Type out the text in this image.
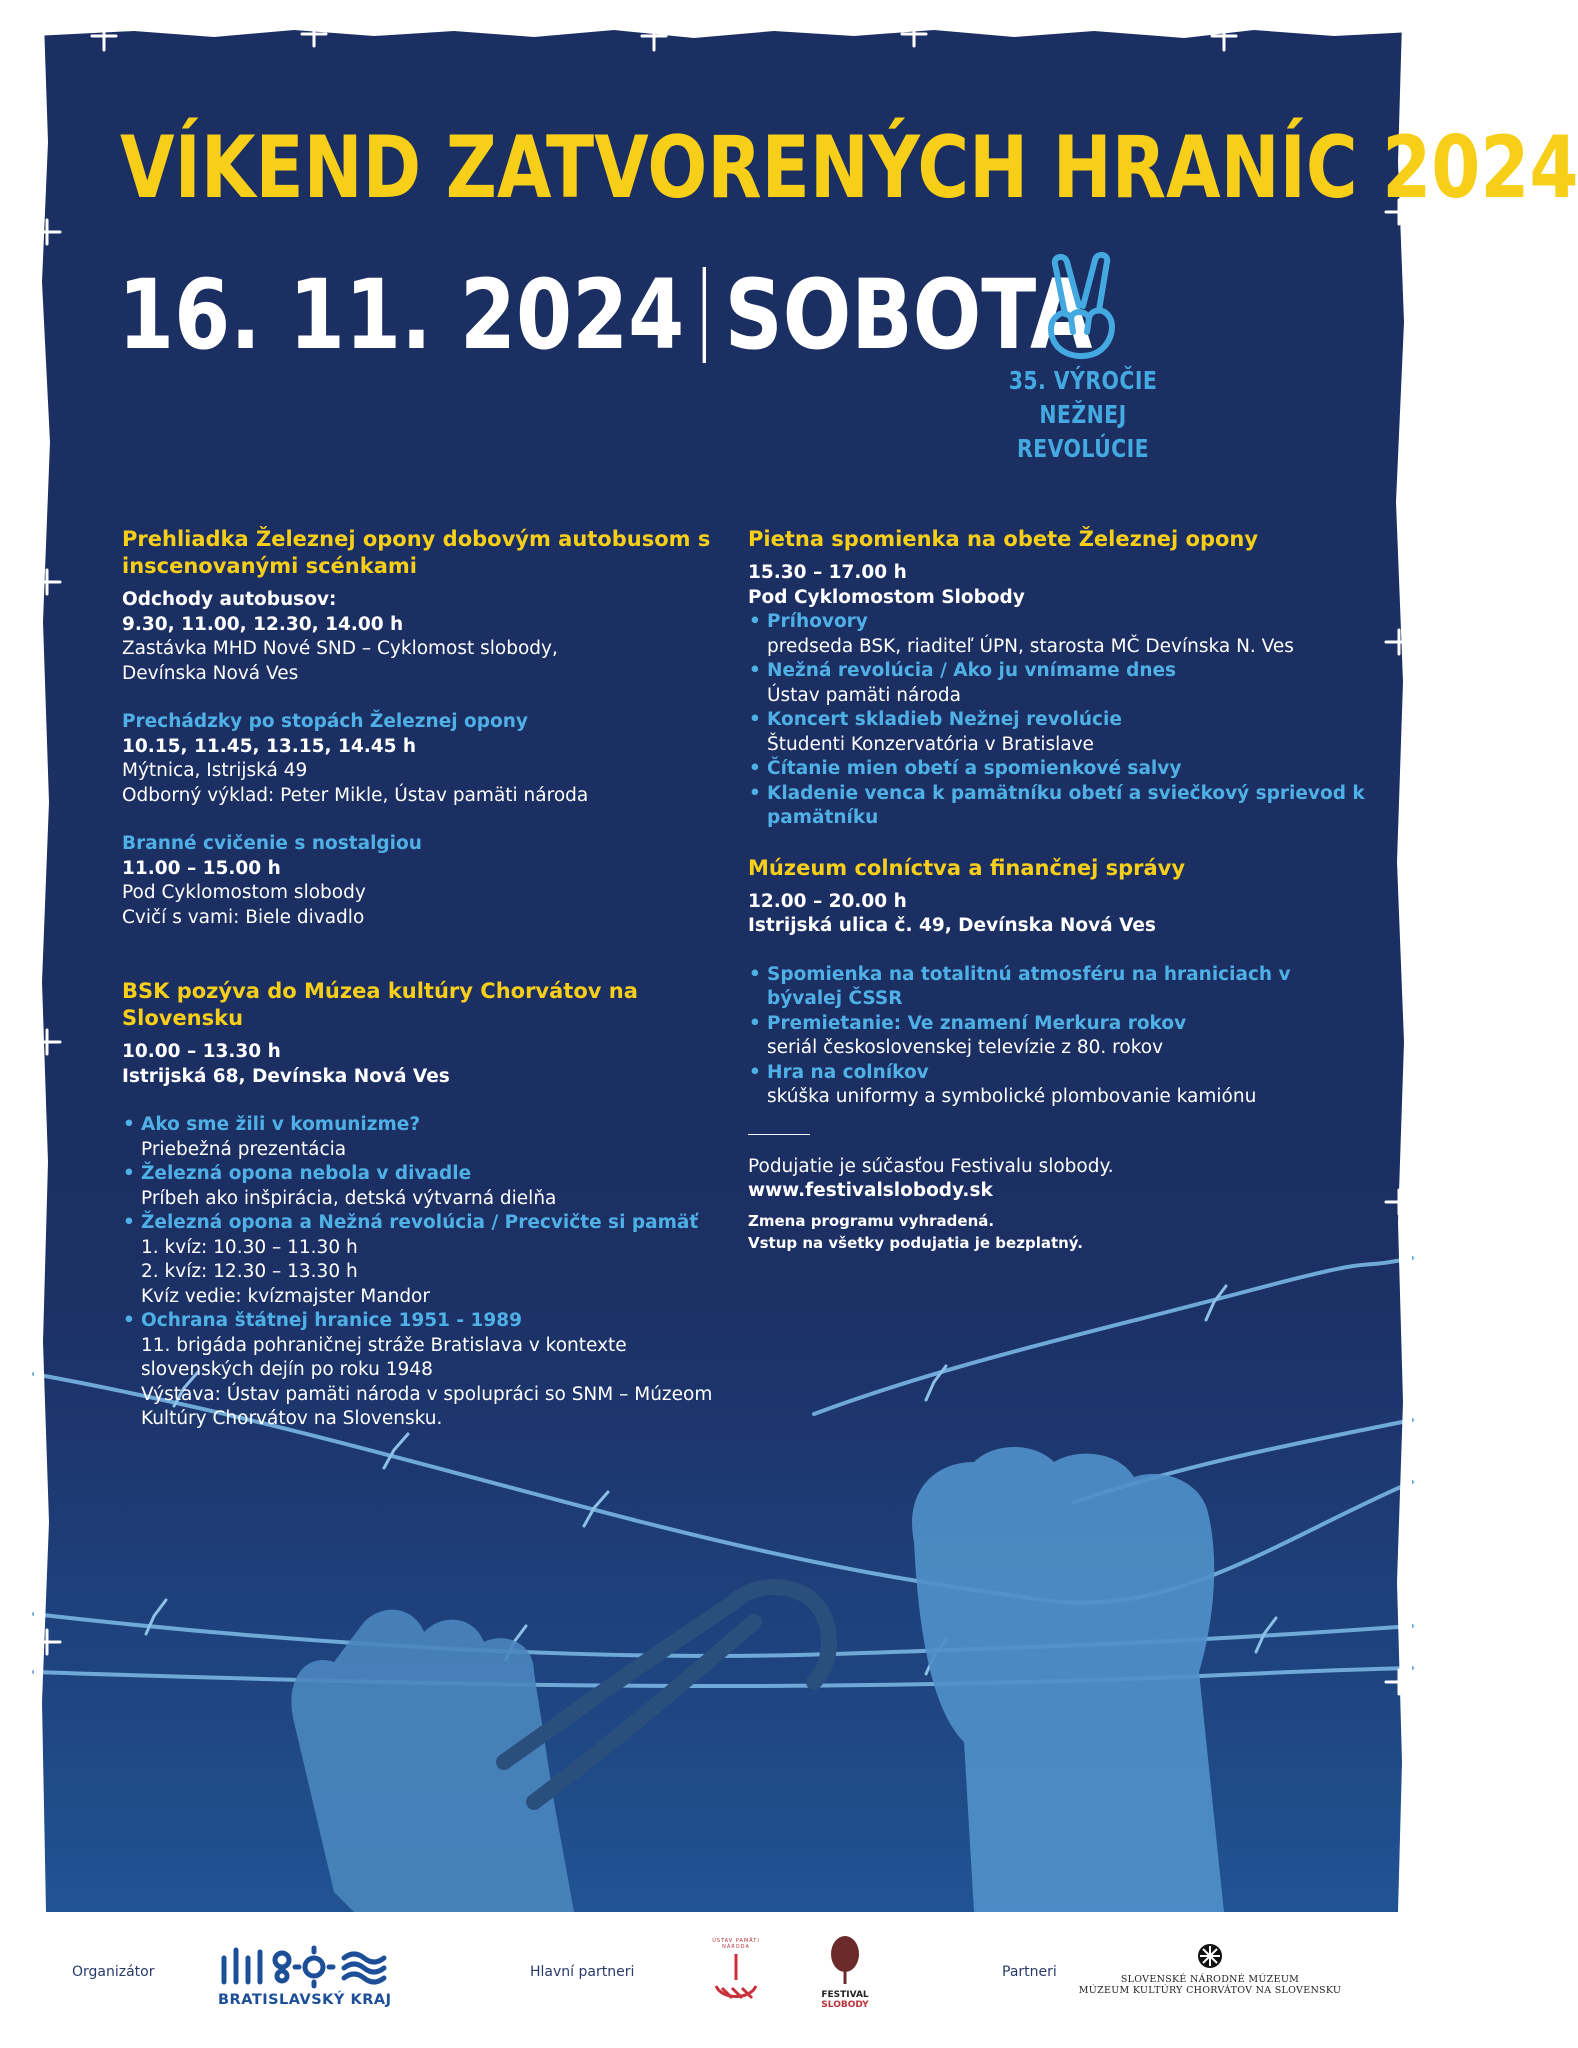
VÍKEND ZATVORENÝCH HRANÍC 2024
16. 11. 2024 SOBOTA
35. VÝROČIE
NEŽNEJ REVOLÚCIE
Prehliadka Železnej opony dobovým autobusom s inscenovanými scénkami
Odchody autobusov:
9.30, 11.00, 12.30, 14.00 h
Zastávka MHD Nové SND – Cyklomost slobody,
Devínska Nová Ves
Prechádzky po stopách Železnej opony
10.15, 11.45, 13.15, 14.45 h
Mýtnica, Istrijská 49
Odborný výklad: Peter Mikle, Ústav pamäti národa
Branné cvičenie s nostalgiou
11.00 – 15.00 h
Pod Cyklomostom slobody
Cvičí s vami: Biele divadlo
BSK pozýva do Múzea kultúry Chorvátov na Slovensku
10.00 – 13.30 h
Istrijská 68, Devínska Nová Ves
• Ako sme žili v komunizme?
Priebežná prezentácia
• Železná opona nebola v divadle
Príbeh ako inšpirácia, detská výtvarná dielňa
• Železná opona a Nežná revolúcia / Precvičte si pamäť
1. kvíz: 10.30 – 11.30 h
2. kvíz: 12.30 – 13.30 h
Kvíz vedie: kvízmajster Mandor
• Ochrana štátnej hranice 1951 - 1989
11. brigáda pohraničnej stráže Bratislava v kontexte slovenských dejín po roku 1948
Výstava: Ústav pamäti národa v spolupráci so SNM – Múzeom Kultúry Chorvátov na Slovensku.
Pietna spomienka na obete Železnej opony
15.30 – 17.00 h
Pod Cyklomostom Slobody
• Príhovory
predseda BSK, riaditeľ ÚPN, starosta MČ Devínska N. Ves
• Nežná revolúcia / Ako ju vnímame dnes
Ústav pamäti národa
• Koncert skladieb Nežnej revolúcie
Študenti Konzervatória v Bratislave
• Čítanie mien obetí a spomienkové salvy
• Kladenie venca k pamätníku obetí a sviečkový sprievod k pamätníku
Múzeum colníctva a finančnej správy
12.00 – 20.00 h
Istrijská ulica č. 49, Devínska Nová Ves
• Spomienka na totalitnú atmosféru na hraniciach v bývalej ČSSR
• Premietanie: Ve znamení Merkura rokov
seriál československej televízie z 80. rokov
• Hra na colníkov
skúška uniformy a symbolické plombovanie kamiónu
Podujatie je súčasťou Festivalu slobody.
www.festivalslobody.sk
Zmena programu vyhradená.
Vstup na všetky podujatia je bezplatný.
Organizátor
BRATISLAVSKÝ KRAJ
Hlavní partneri
ÚSTAV PAMÄTI NÁRODA
FESTIVAL
SLOBODY
Partneri	SLOVENSKÉ NÁRODNÉ MÚZEUM
MÚZEUM KULTÚRY CHORVÁTOV NA SLOVENSKU
